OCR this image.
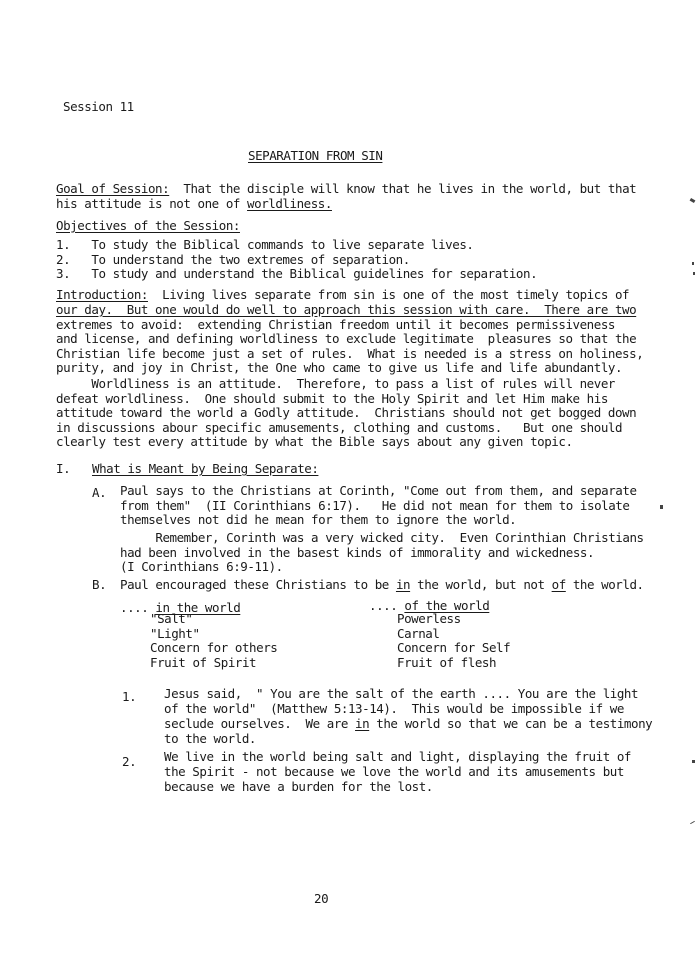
Session 11
SEPARATION FROM SIN
Goal of Session: That the disciple will know that he lives in the world, but that
his attitude is not one of worldliness.
Objectives of the Session:
1. To study the Biblical commands to live separate lives.
2. To understand the two extremes of separation.
3. To study and understand the Biblical guidelines for separation.
Introduction: Living lives separate from sin is one of the most timely topics of
our day.  But one would do well to approach this session with care.  There are two
extremes to avoid:  extending Christian freedom until it becomes permissiveness
and license, and defining worldliness to exclude legitimate  pleasures so that the
Christian life become just a set of rules.  What is needed is a stress on holiness,
purity, and joy in Christ, the One who came to give us life and life abundantly.
Worldliness is an attitude.  Therefore, to pass a list of rules will never
defeat worldliness.  One should submit to the Holy Spirit and let Him make his
attitude toward the world a Godly attitude.  Christians should not get bogged down
in discussions abour specific amusements, clothing and customs.   But one should
clearly test every attitude by what the Bible says about any given topic.
I. What is Meant by Being Separate:
A. Paul says to the Christians at Corinth, "Come out from them, and separate
from them"  (II Corinthians 6:17).   He did not mean for them to isolate
themselves not did he mean for them to ignore the world.
Remember, Corinth was a very wicked city.  Even Corinthian Christians
had been involved in the basest kinds of immorality and wickedness.
(I Corinthians 6:9-11).
B. Paul encouraged these Christians to be in the world, but not of the world.
.... in the world
"Salt"
"Light"
Concern for others
Fruit of Spirit
.... of the world
Powerless
Carnal
Concern for Self
Fruit of flesh
1. Jesus said,  " You are the salt of the earth .... You are the light
of the world"  (Matthew 5:13-14).  This would be impossible if we
seclude ourselves.  We are in the world so that we can be a testimony
to the world.
2. We live in the world being salt and light, displaying the fruit of
the Spirit - not because we love the world and its amusements but
because we have a burden for the lost.
20
